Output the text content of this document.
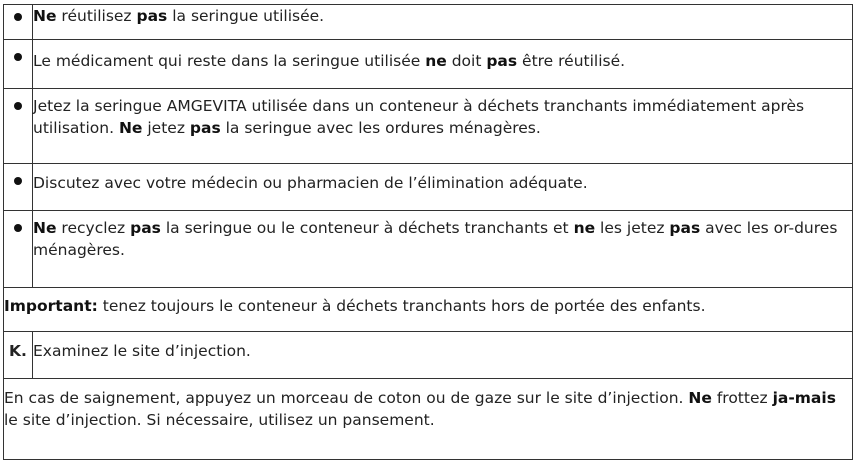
	Ne réutilisez pas la seringue utilisée.
	Le médicament qui reste dans la seringue utilisée ne doit pas être réutilisé.
	Jetez la seringue AMGEVITA utilisée dans un conteneur à déchets tranchants immédiatement après utilisation. Ne jetez pas la seringue avec les ordures ménagères.
	Discutez avec votre médecin ou pharmacien de l’élimination adéquate.
	Ne recyclez pas la seringue ou le conteneur à déchets tranchants et ne les jetez pas avec les or-dures ménagères.
Important: tenez toujours le conteneur à déchets tranchants hors de portée des enfants.	
K.	Examinez le site d’injection.
En cas de saignement, appuyez un morceau de coton ou de gaze sur le site d’injection. Ne frottez ja-mais le site d’injection. Si nécessaire, utilisez un pansement.	
